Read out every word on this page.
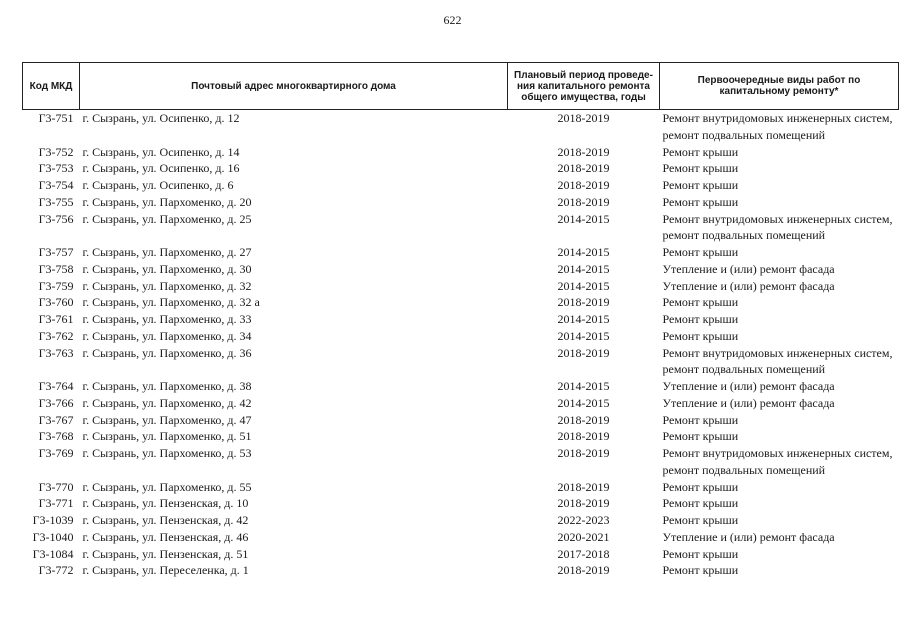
622
Код МКД	Почтовый адрес многоквартирного дома	Плановый период проведе-ния капитального ремонта общего имущества, годы	Первоочередные виды работ по капитальному ремонту*
Г3-751	г. Сызрань, ул. Осипенко, д. 12	2018-2019	Ремонт внутридомовых инженерных систем,
ремонт подвальных помещений

Г3-752	г. Сызрань, ул. Осипенко, д. 14	2018-2019	Ремонт крыши

Г3-753	г. Сызрань, ул. Осипенко, д. 16	2018-2019	Ремонт крыши

Г3-754	г. Сызрань, ул. Осипенко, д. 6	2018-2019	Ремонт крыши

Г3-755	г. Сызрань, ул. Пархоменко, д. 20	2018-2019	Ремонт крыши

Г3-756	г. Сызрань, ул. Пархоменко, д. 25	2014-2015	Ремонт внутридомовых инженерных систем,
ремонт подвальных помещений

Г3-757	г. Сызрань, ул. Пархоменко, д. 27	2014-2015	Ремонт крыши

Г3-758	г. Сызрань, ул. Пархоменко, д. 30	2014-2015	Утепление и (или) ремонт фасада

Г3-759	г. Сызрань, ул. Пархоменко, д. 32	2014-2015	Утепление и (или) ремонт фасада

Г3-760	г. Сызрань, ул. Пархоменко, д. 32 а	2018-2019	Ремонт крыши

Г3-761	г. Сызрань, ул. Пархоменко, д. 33	2014-2015	Ремонт крыши

Г3-762	г. Сызрань, ул. Пархоменко, д. 34	2014-2015	Ремонт крыши

Г3-763	г. Сызрань, ул. Пархоменко, д. 36	2018-2019	Ремонт внутридомовых инженерных систем,
ремонт подвальных помещений

Г3-764	г. Сызрань, ул. Пархоменко, д. 38	2014-2015	Утепление и (или) ремонт фасада

Г3-766	г. Сызрань, ул. Пархоменко, д. 42	2014-2015	Утепление и (или) ремонт фасада

Г3-767	г. Сызрань, ул. Пархоменко, д. 47	2018-2019	Ремонт крыши

Г3-768	г. Сызрань, ул. Пархоменко, д. 51	2018-2019	Ремонт крыши

Г3-769	г. Сызрань, ул. Пархоменко, д. 53	2018-2019	Ремонт внутридомовых инженерных систем,
ремонт подвальных помещений

Г3-770	г. Сызрань, ул. Пархоменко, д. 55	2018-2019	Ремонт крыши

Г3-771	г. Сызрань, ул. Пензенская, д. 10	2018-2019	Ремонт крыши

Г3-1039	г. Сызрань, ул. Пензенская, д. 42	2022-2023	Ремонт крыши

Г3-1040	г. Сызрань, ул. Пензенская, д. 46	2020-2021	Утепление и (или) ремонт фасада

Г3-1084	г. Сызрань, ул. Пензенская, д. 51	2017-2018	Ремонт крыши

Г3-772	г. Сызрань, ул. Переселенка, д. 1	2018-2019	Ремонт крыши
